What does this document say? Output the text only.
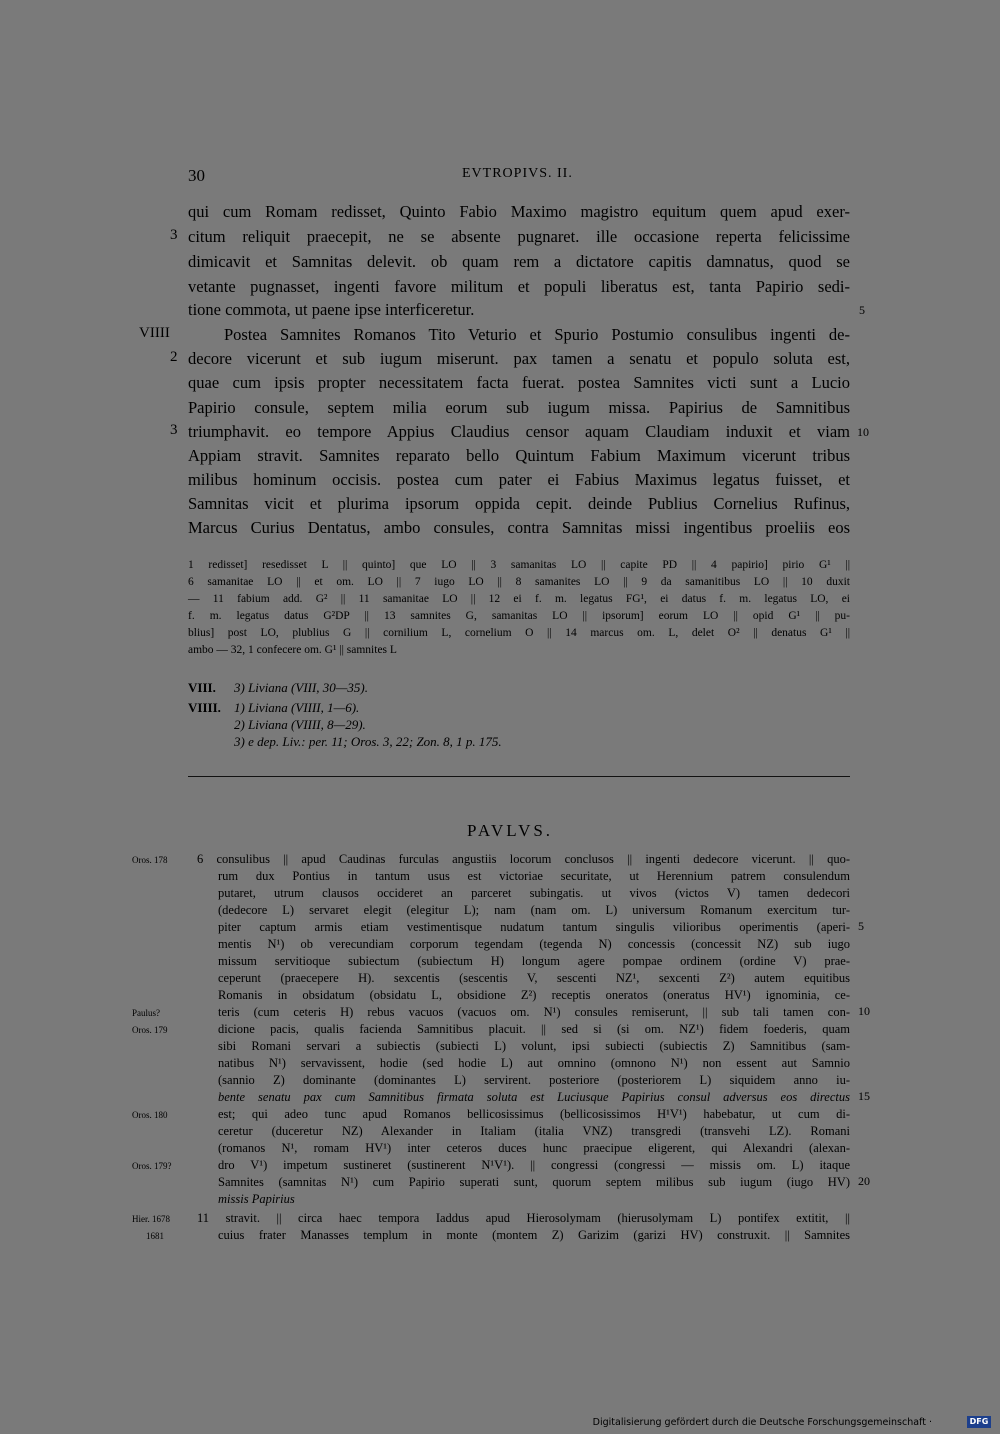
30	EVTROPIVS. II.
qui cum Romam redisset, Quinto Fabio Maximo magistro equitum quem apud exer-
citum reliquit praecepit, ne se absente pugnaret. ille occasione reperta felicissime
dimicavit et Samnitas delevit. ob quam rem a dictatore capitis damnatus, quod se
vetante pugnasset, ingenti favore militum et populi liberatus est, tanta Papirio sedi-
tione commota, ut paene ipse interficeretur.
Postea Samnites Romanos Tito Veturio et Spurio Postumio consulibus ingenti de-
decore vicerunt et sub iugum miserunt. pax tamen a senatu et populo soluta est,
quae cum ipsis propter necessitatem facta fuerat. postea Samnites victi sunt a Lucio
Papirio consule, septem milia eorum sub iugum missa. Papirius de Samnitibus
triumphavit. eo tempore Appius Claudius censor aquam Claudiam induxit et viam
Appiam stravit. Samnites reparato bello Quintum Fabium Maximum vicerunt tribus
milibus hominum occisis. postea cum pater ei Fabius Maximus legatus fuisset, et
Samnitas vicit et plurima ipsorum oppida cepit. deinde Publius Cornelius Rufinus,
Marcus Curius Dentatus, ambo consules, contra Samnitas missi ingentibus proeliis eos
3
VIIII
2
3
5
10
1 redisset] resedisset L || quinto] que LO || 3 samanitas LO || capite PD || 4 papirio] pirio G¹ ||
6 samanitae LO || et om. LO || 7 iugo LO || 8 samanites LO || 9 da samanitibus LO || 10 duxit
— 11 fabium add. G² || 11 samanitae LO || 12 ei f. m. legatus FG¹, ei datus f. m. legatus LO, ei
f. m. legatus datus G²DP || 13 samnites G, samanitas LO || ipsorum] eorum LO || opid G¹ || pu-
blius] post LO, plublius G || cornilium L, cornelium O || 14 marcus om. L, delet O² || denatus G¹ ||
ambo — 32, 1 confecere om. G¹ || samnites L
VIII. 3) Liviana (VIII, 30—35).
VIIII. 1) Liviana (VIIII, 1—6).
2) Liviana (VIIII, 8—29).
3) e dep. Liv.: per. 11; Oros. 3, 22; Zon. 8, 1 p. 175.
PAVLVS.
6 consulibus || apud Caudinas furculas angustiis locorum conclusos || ingenti dedecore vicerunt. || quo-
rum dux Pontius in tantum usus est victoriae securitate, ut Herennium patrem consulendum
putaret, utrum clausos occideret an parceret subingatis. ut vivos (victos V) tamen dedecori
(dedecore L) servaret elegit (elegitur L); nam (nam om. L) universum Romanum exercitum tur-
piter captum armis etiam vestimentisque nudatum tantum singulis vilioribus operimentis (aperi-
mentis N¹) ob verecundiam corporum tegendam (tegenda N) concessis (concessit NZ) sub iugo
missum servitioque subiectum (subiectum H) longum agere pompae ordinem (ordine V) prae-
ceperunt (praecepere H). sexcentis (sescentis V, sescenti NZ¹, sexcenti Z²) autem equitibus
Romanis in obsidatum (obsidatu L, obsidione Z²) receptis oneratos (oneratus HV¹) ignominia, ce-
teris (cum ceteris H) rebus vacuos (vacuos om. N¹) consules remiserunt, || sub tali tamen con-
dicione pacis, qualis facienda Samnitibus placuit. || sed si (si om. NZ¹) fidem foederis, quam
sibi Romani servari a subiectis (subiecti L) volunt, ipsi subiecti (subiectis Z) Samnitibus (sam-
natibus N¹) servavissent, hodie (sed hodie L) aut omnino (omnono N¹) non essent aut Samnio
(sannio Z) dominante (dominantes L) servirent. posteriore (posteriorem L) siquidem anno iu-
bente senatu pax cum Samnitibus firmata soluta est Luciusque Papirius consul adversus eos directus
est; qui adeo tunc apud Romanos bellicosissimus (bellicosissimos H¹V¹) habebatur, ut cum di-
ceretur (duceretur NZ) Alexander in Italiam (italia VNZ) transgredi (transvehi LZ). Romani
(romanos N¹, romam HV¹) inter ceteros duces hunc praecipue eligerent, qui Alexandri (alexan-
dro V¹) impetum sustineret (sustinerent N¹V¹). || congressi (congressi — missis om. L) itaque
Samnites (samnitas N¹) cum Papirio superati sunt, quorum septem milibus sub iugum (iugo HV)
missis Papirius
11 stravit. || circa haec tempora Iaddus apud Hierosolymam (hierusolymam L) pontifex extitit, ||
cuius frater Manasses templum in monte (montem Z) Garizim (garizi HV) construxit. || Samnites
Oros. 178
Paulus?
Oros. 179
Oros. 180
Oros. 179?
Hier. 1678
1681
5
10
15
20
Digitalisierung gefördert durch die Deutsche Forschungsgemeinschaft ·	DFG
